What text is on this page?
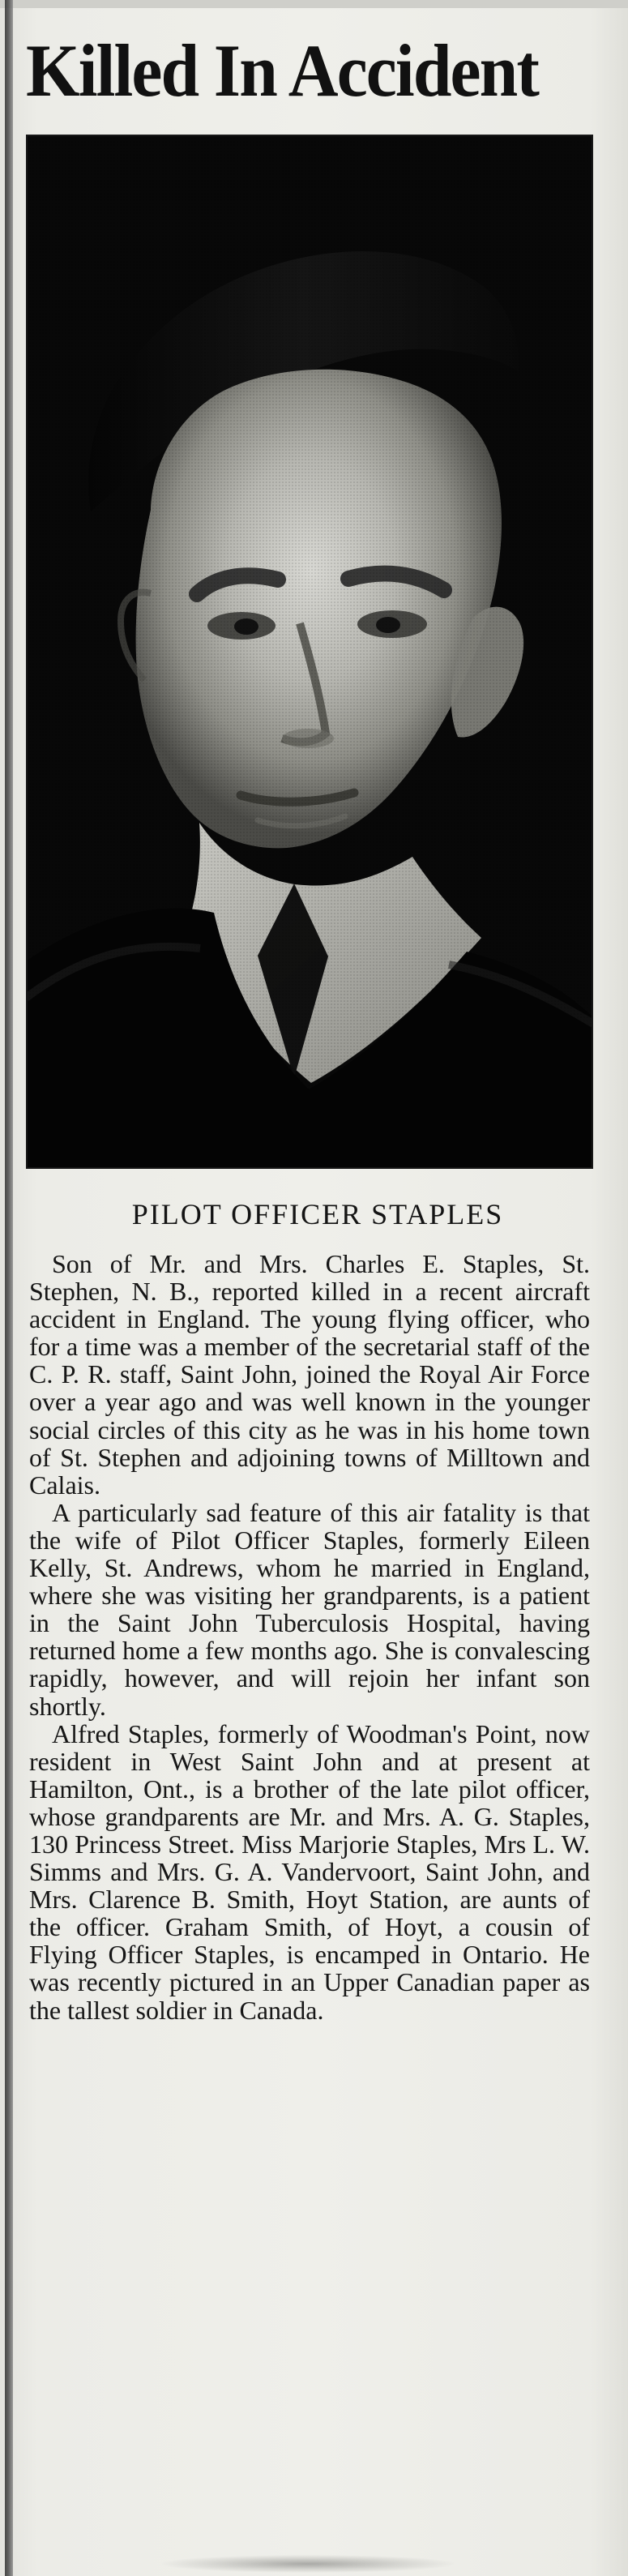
Killed In Accident
PILOT OFFICER STAPLES

Son of Mr. and Mrs. Charles E. Staples, St. Stephen, N. B., reported killed in a recent aircraft accident in England. The young flying officer, who for a time was a member of the secretarial staff of the C. P. R. staff, Saint John, joined the Royal Air Force over a year ago and was well known in the younger social circles of this city as he was in his home town of St. Stephen and adjoining towns of Milltown and Calais.

A particularly sad feature of this air fatality is that the wife of Pilot Officer Staples, formerly Eileen Kelly, St. Andrews, whom he married in England, where she was visiting her grandparents, is a patient in the Saint John Tuberculosis Hospital, having returned home a few months ago. She is convalescing rapidly, however, and will rejoin her infant son shortly.

Alfred Staples, formerly of Woodman's Point, now resident in West Saint John and at present at Hamilton, Ont., is a brother of the late pilot officer, whose grandparents are Mr. and Mrs. A. G. Staples, 130 Princess Street. Miss Marjorie Staples, Mrs L. W. Simms and Mrs. G. A. Vandervoort, Saint John, and Mrs. Clarence B. Smith, Hoyt Station, are aunts of the officer. Graham Smith, of Hoyt, a cousin of Flying Officer Staples, is encamped in Ontario. He was recently pictured in an Upper Canadian paper as the tallest soldier in Canada.
